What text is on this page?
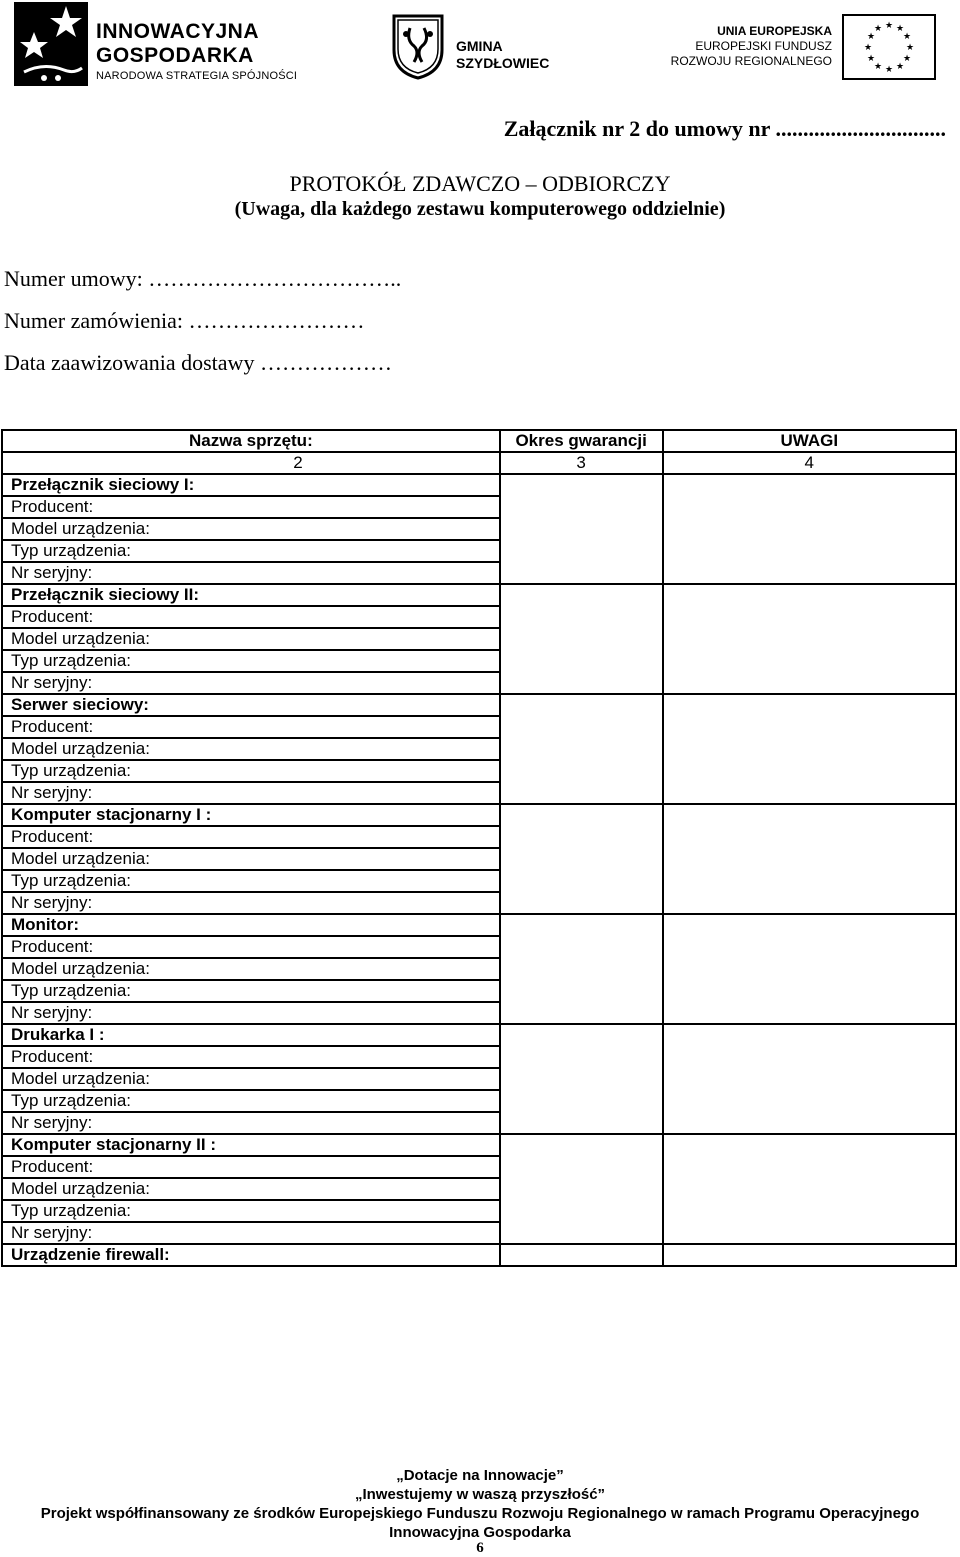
INNOWACYJNA
GOSPODARKA
NARODOWA STRATEGIA SPÓJNOŚCI
GMINA
SZYDŁOWIEC
UNIA EUROPEJSKA
EUROPEJSKI FUNDUSZ
ROZWOJU REGIONALNEGO
★ ★
★
★
★
★
★
★
★
★
★
★
Załącznik nr 2 do umowy nr ...............................
PROTOKÓŁ ZDAWCZO – ODBIORCZY
(Uwaga, dla każdego zestawu komputerowego oddzielnie)
Numer umowy: ……………………………..
Numer zamówienia: ……………………
Data zaawizowania dostawy ………………
Nazwa sprzętu:	Okres gwarancji	UWAGI
2	3	4
Przełącznik sieciowy I:		
Producent:		
Model urządzenia:		
Typ urządzenia:		
Nr seryjny:		
Przełącznik sieciowy II:		
Producent:		
Model urządzenia:		
Typ urządzenia:		
Nr seryjny:		
Serwer sieciowy:		
Producent:		
Model urządzenia:		
Typ urządzenia:		
Nr seryjny:		
Komputer stacjonarny I :		
Producent:		
Model urządzenia:		
Typ urządzenia:		
Nr seryjny:		
Monitor:		
Producent:		
Model urządzenia:		
Typ urządzenia:		
Nr seryjny:		
Drukarka I :		
Producent:		
Model urządzenia:		
Typ urządzenia:		
Nr seryjny:		
Komputer stacjonarny II :		
Producent:		
Model urządzenia:		
Typ urządzenia:		
Nr seryjny:		
Urządzenie firewall:		
„Dotacje na Innowacje”
„Inwestujemy w waszą przyszłość”
Projekt współfinansowany ze środków Europejskiego Funduszu Rozwoju Regionalnego w ramach Programu Operacyjnego
Innowacyjna Gospodarka
6
